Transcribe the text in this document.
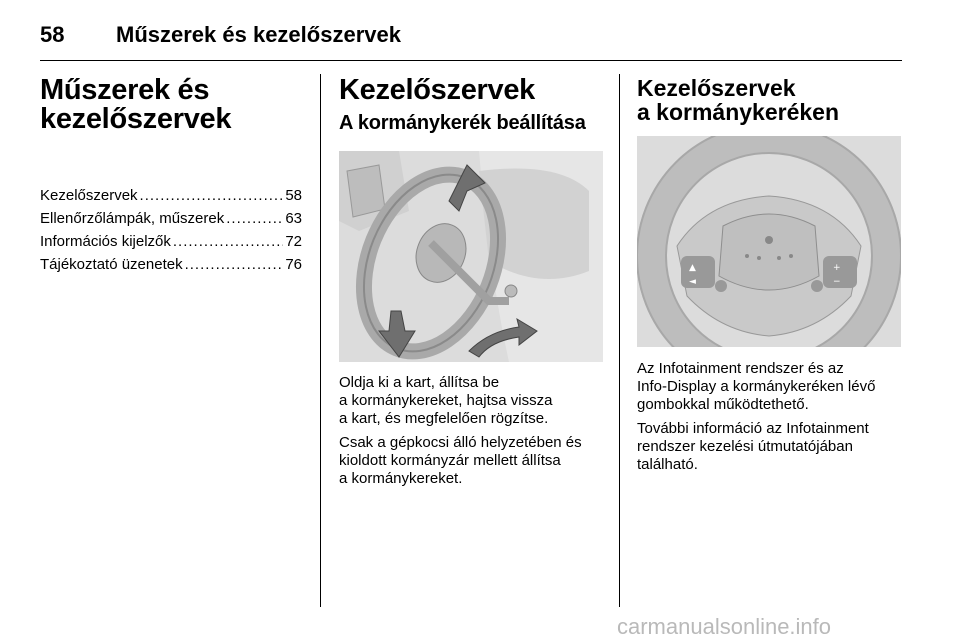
58 Műszerek és kezelőszervek
Műszerek és
kezelőszervek
Kezelőszervek .....	58
Ellenőrzőlámpák, műszerek .....	63
Információs kijelzők .....	72
Tájékoztató üzenetek .....	76
Kezelőszervek
A kormánykerék beállítása

Oldja ki a kart, állítsa be
a kormánykereket, hajtsa vissza
a kart, és megfelelően rögzítse.

Csak a gépkocsi álló helyzetében és
kioldott kormányzár mellett állítsa
a kormánykereket.

Kezelőszervek
a kormánykeréken
▲
◄
+
−

Az Infotainment rendszer és az
Info-Display a kormánykeréken lévő
gombokkal működtethető.

További információ az Infotainment
rendszer kezelési útmutatójában
található.

carmanualsonline.info
